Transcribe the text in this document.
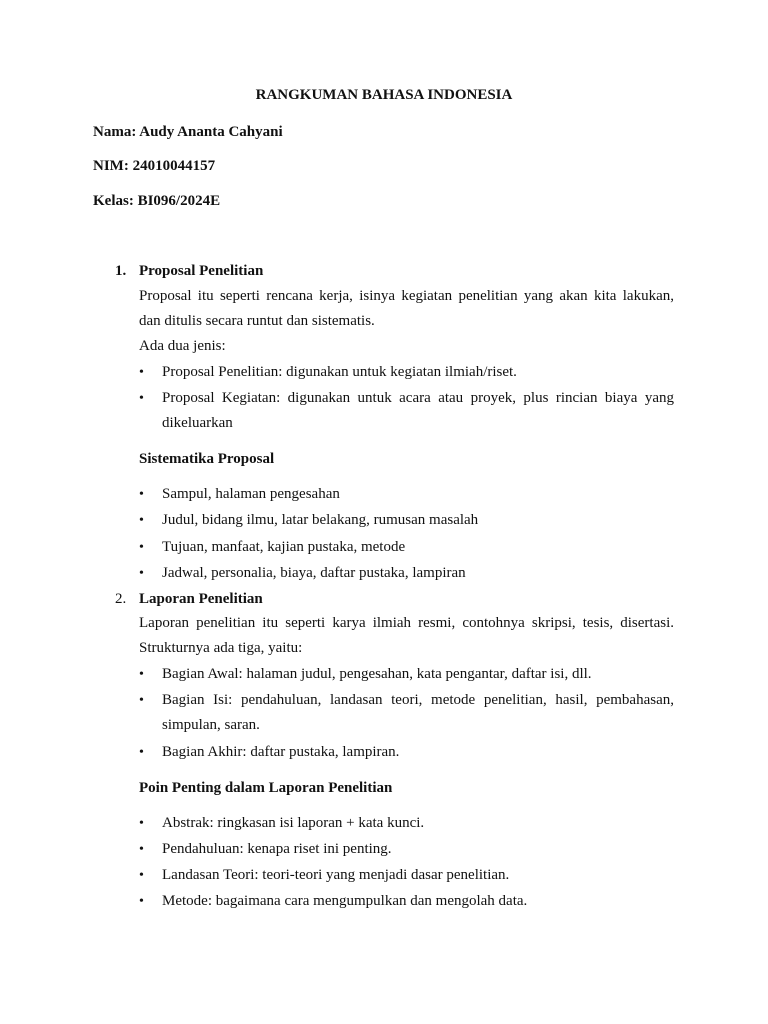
RANGKUMAN BAHASA INDONESIA
Nama: Audy Ananta Cahyani
NIM: 24010044157
Kelas: BI096/2024E
1. Proposal Penelitian
Proposal itu seperti rencana kerja, isinya kegiatan penelitian yang akan kita lakukan,
dan ditulis secara runtut dan sistematis.
Ada dua jenis:
•	Proposal Penelitian: digunakan untuk kegiatan ilmiah/riset.
•	Proposal Kegiatan: digunakan untuk acara atau proyek, plus rincian biaya yang
dikeluarkan
Sistematika Proposal
•	Sampul, halaman pengesahan
•	Judul, bidang ilmu, latar belakang, rumusan masalah
•	Tujuan, manfaat, kajian pustaka, metode
•	Jadwal, personalia, biaya, daftar pustaka, lampiran
2. Laporan Penelitian
Laporan penelitian itu seperti karya ilmiah resmi, contohnya skripsi, tesis, disertasi.
Strukturnya ada tiga, yaitu:
•	Bagian Awal: halaman judul, pengesahan, kata pengantar, daftar isi, dll.
•	Bagian Isi: pendahuluan, landasan teori, metode penelitian, hasil, pembahasan,
simpulan, saran.
•	Bagian Akhir: daftar pustaka, lampiran.
Poin Penting dalam Laporan Penelitian
•	Abstrak: ringkasan isi laporan + kata kunci.
•	Pendahuluan: kenapa riset ini penting.
•	Landasan Teori: teori-teori yang menjadi dasar penelitian.
•	Metode: bagaimana cara mengumpulkan dan mengolah data.
